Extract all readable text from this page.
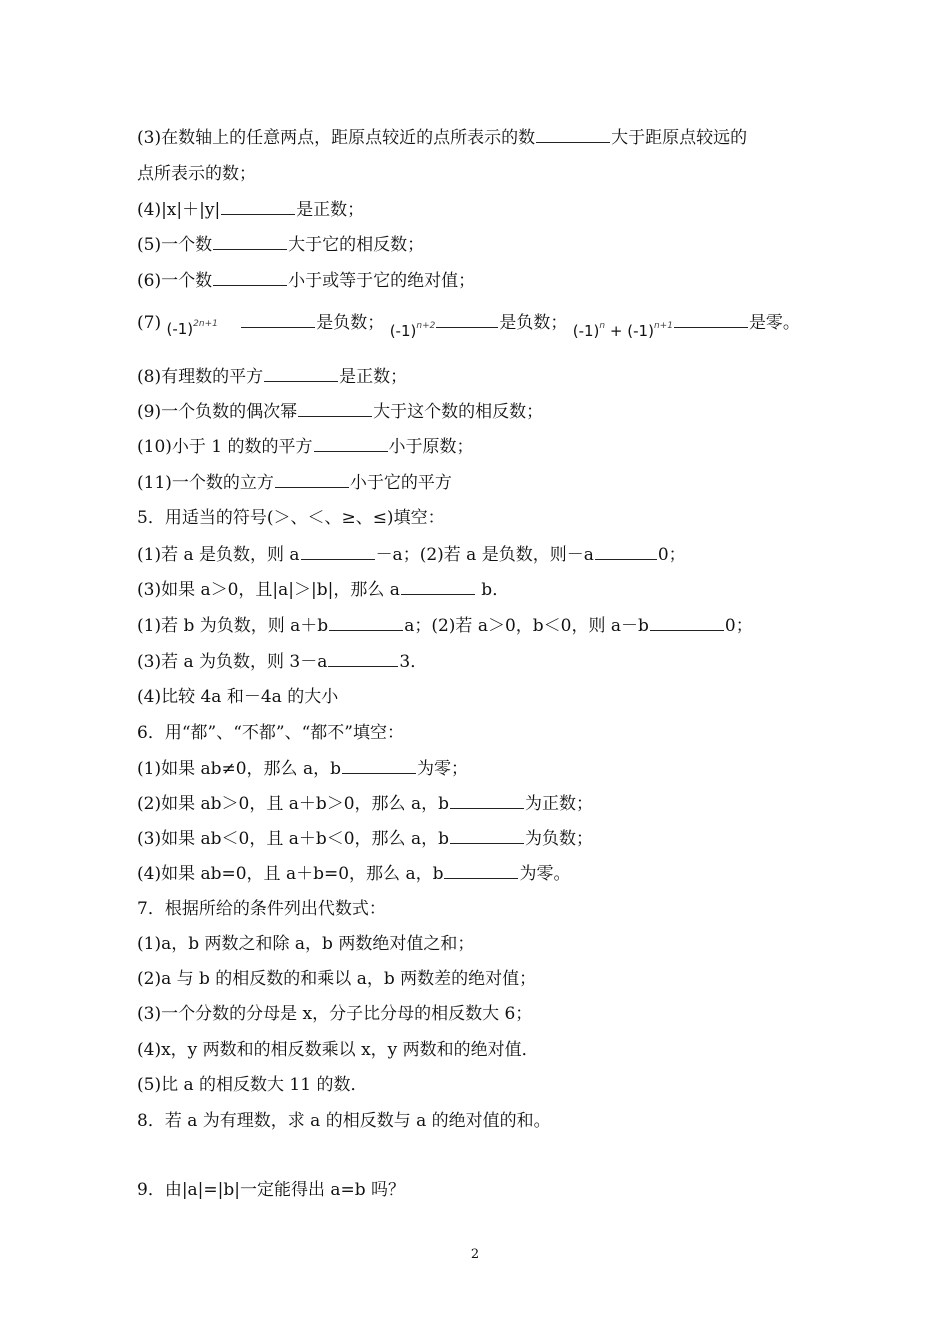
(3)在数轴上的任意两点，距原点较近的点所表示的数	大于距原点较远的
点所表示的数；
(4)|x|＋|y|	是正数；
(5)一个数	大于它的相反数；
(6)一个数	小于或等于它的绝对值；
(7) $(-1)^{2n+1}$	是负数； $(-1)^{n+2}$	是负数； $(-1)^n + (-1)^{n+1}$	是零。
(8)有理数的平方	是正数；
(9)一个负数的偶次幂	大于这个数的相反数；
(10)小于 1 的数的平方	小于原数；
(11)一个数的立方	小于它的平方
5．用适当的符号(＞、＜、≥、≤)填空：
(1)若 a 是负数，则 a	－a；(2)若 a 是负数，则－a	0；
(3)如果 a＞0，且|a|＞|b|，那么 a	b．
(1)若 b 为负数，则 a＋b	a；(2)若 a＞0，b＜0，则 a－b	0；
(3)若 a 为负数，则 3－a	3．
(4)比较 4a 和－4a 的大小
6．用“都”、“不都”、“都不”填空：
(1)如果 ab≠0，那么 a，b	为零；
(2)如果 ab＞0，且 a＋b＞0，那么 a，b	为正数；
(3)如果 ab＜0，且 a＋b＜0，那么 a，b	为负数；
(4)如果 ab=0，且 a＋b=0，那么 a，b	为零。
7．根据所给的条件列出代数式：
(1)a，b 两数之和除 a，b 两数绝对值之和；
(2)a 与 b 的相反数的和乘以 a，b 两数差的绝对值；
(3)一个分数的分母是 x，分子比分母的相反数大 6；
(4)x，y 两数和的相反数乘以 x，y 两数和的绝对值．
(5)比 a 的相反数大 11 的数．
8．若 a 为有理数，求 a 的相反数与 a 的绝对值的和。
9．由|a|=|b|一定能得出 a=b 吗？
2
